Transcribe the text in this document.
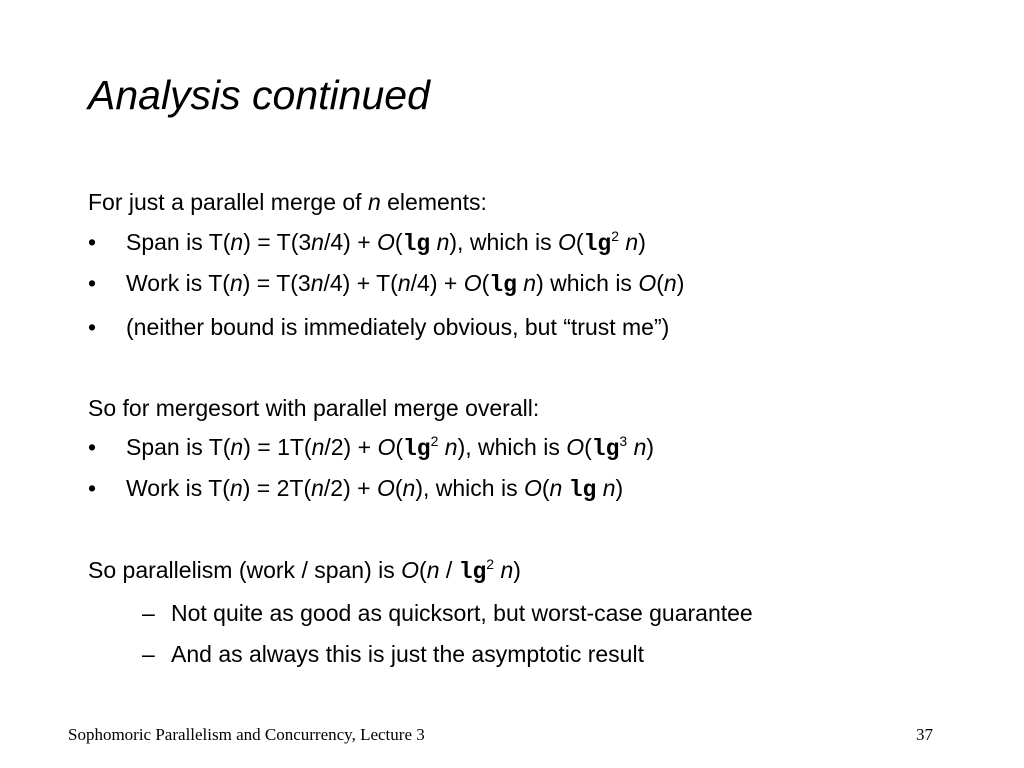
Analysis continued
For just a parallel merge of n elements:
• Span is T(n) = T(3n/4) + O(lg n), which is $O(\lg^2$ n)
• Work is T(n) = T(3n/4) + T(n/4) + O(lg n) which is O(n)
• (neither bound is immediately obvious, but “trust me”)
So for mergesort with parallel merge overall:
• Span is $T(n) = 1T(n/2) + O(\lg^2$ n), which is $O(\lg^3$ n)
• Work is T(n) = 2T(n/2) + O(n), which is O(n lg n)
So parallelism (work / span) is $O(n / \lg^2 n)$
– Not quite as good as quicksort, but worst-case guarantee
– And as always this is just the asymptotic result
Sophomoric Parallelism and Concurrency, Lecture 3	37
